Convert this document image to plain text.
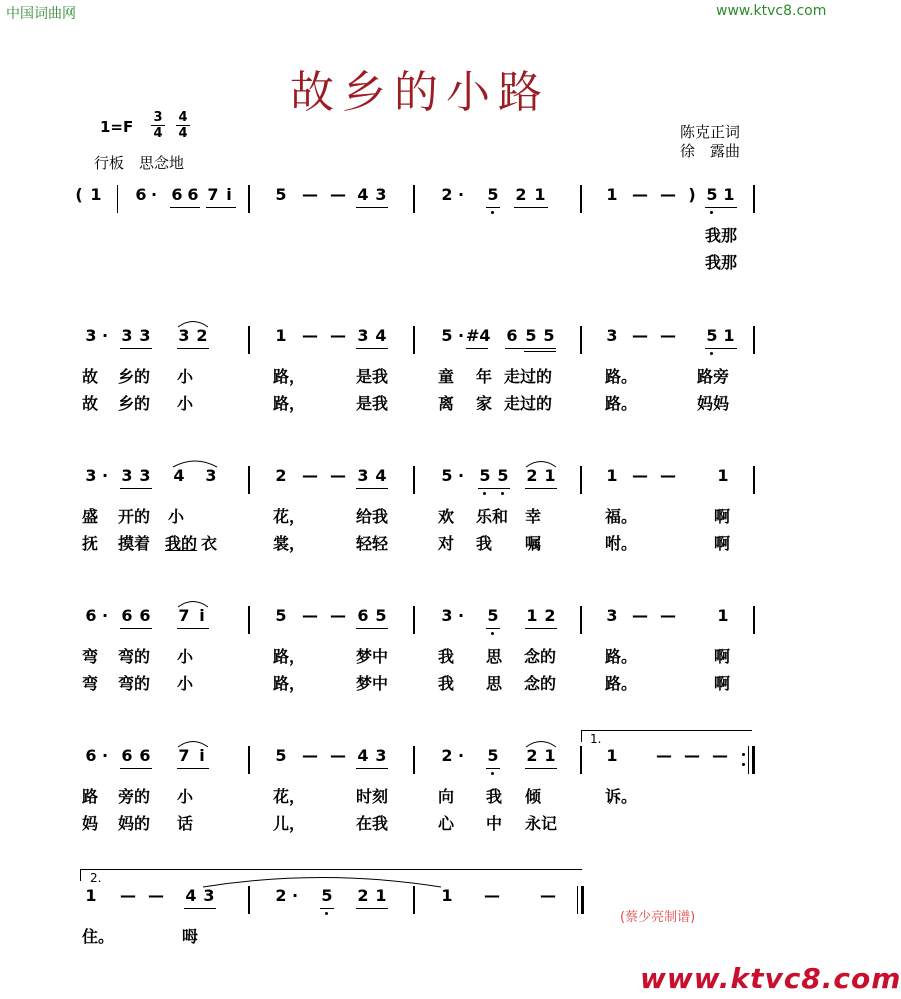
中国词曲网	www.ktvc8.com
故乡的小路
1=F
3
4
4
4
行板　思念地
陈克正词
徐　露曲
( 1 6 · 6 6 7 i	5 — — 4 3	2 · 5 2 1	1 — — ) 5 1
我那
我那
3 · 3 3 3 2	1 — — 3 4	5 · #4 6 5 5	3 — — 5 1
故 乡的 小	路，	是我	童 年 走过的	路。	路旁
故 乡的 小	路，	是我	离 家 走过的	路。	妈妈
3 · 3 3 4 3	2 — — 3 4	5 · 5 5 2 1	1 — —	1
盛 开的 小	花，	给我	欢 乐和 幸	福。	啊
抚 摸着 我的 衣	裳，	轻轻	对 我 嘱	咐。	啊
6 · 6 6 7 i	5 — — 6 5	3 · 5 1 2	3 — —	1
弯 弯的 小	路，	梦中	我 思 念的	路。	啊
弯 弯的 小	路，	梦中	我 思 念的	路。	啊
1.
6 · 6 6 7 i	5 — — 4 3	2 · 5 2 1	1 — — —
路 旁的 小	花，	时刻	向 我 倾	诉。
妈 妈的 话	儿，	在我	心 中 永记
2.
1 — — 4 3	2 · 5 2 1	1 —	—
住。	呣
(蔡少亮制谱)
www.ktvc8.com
